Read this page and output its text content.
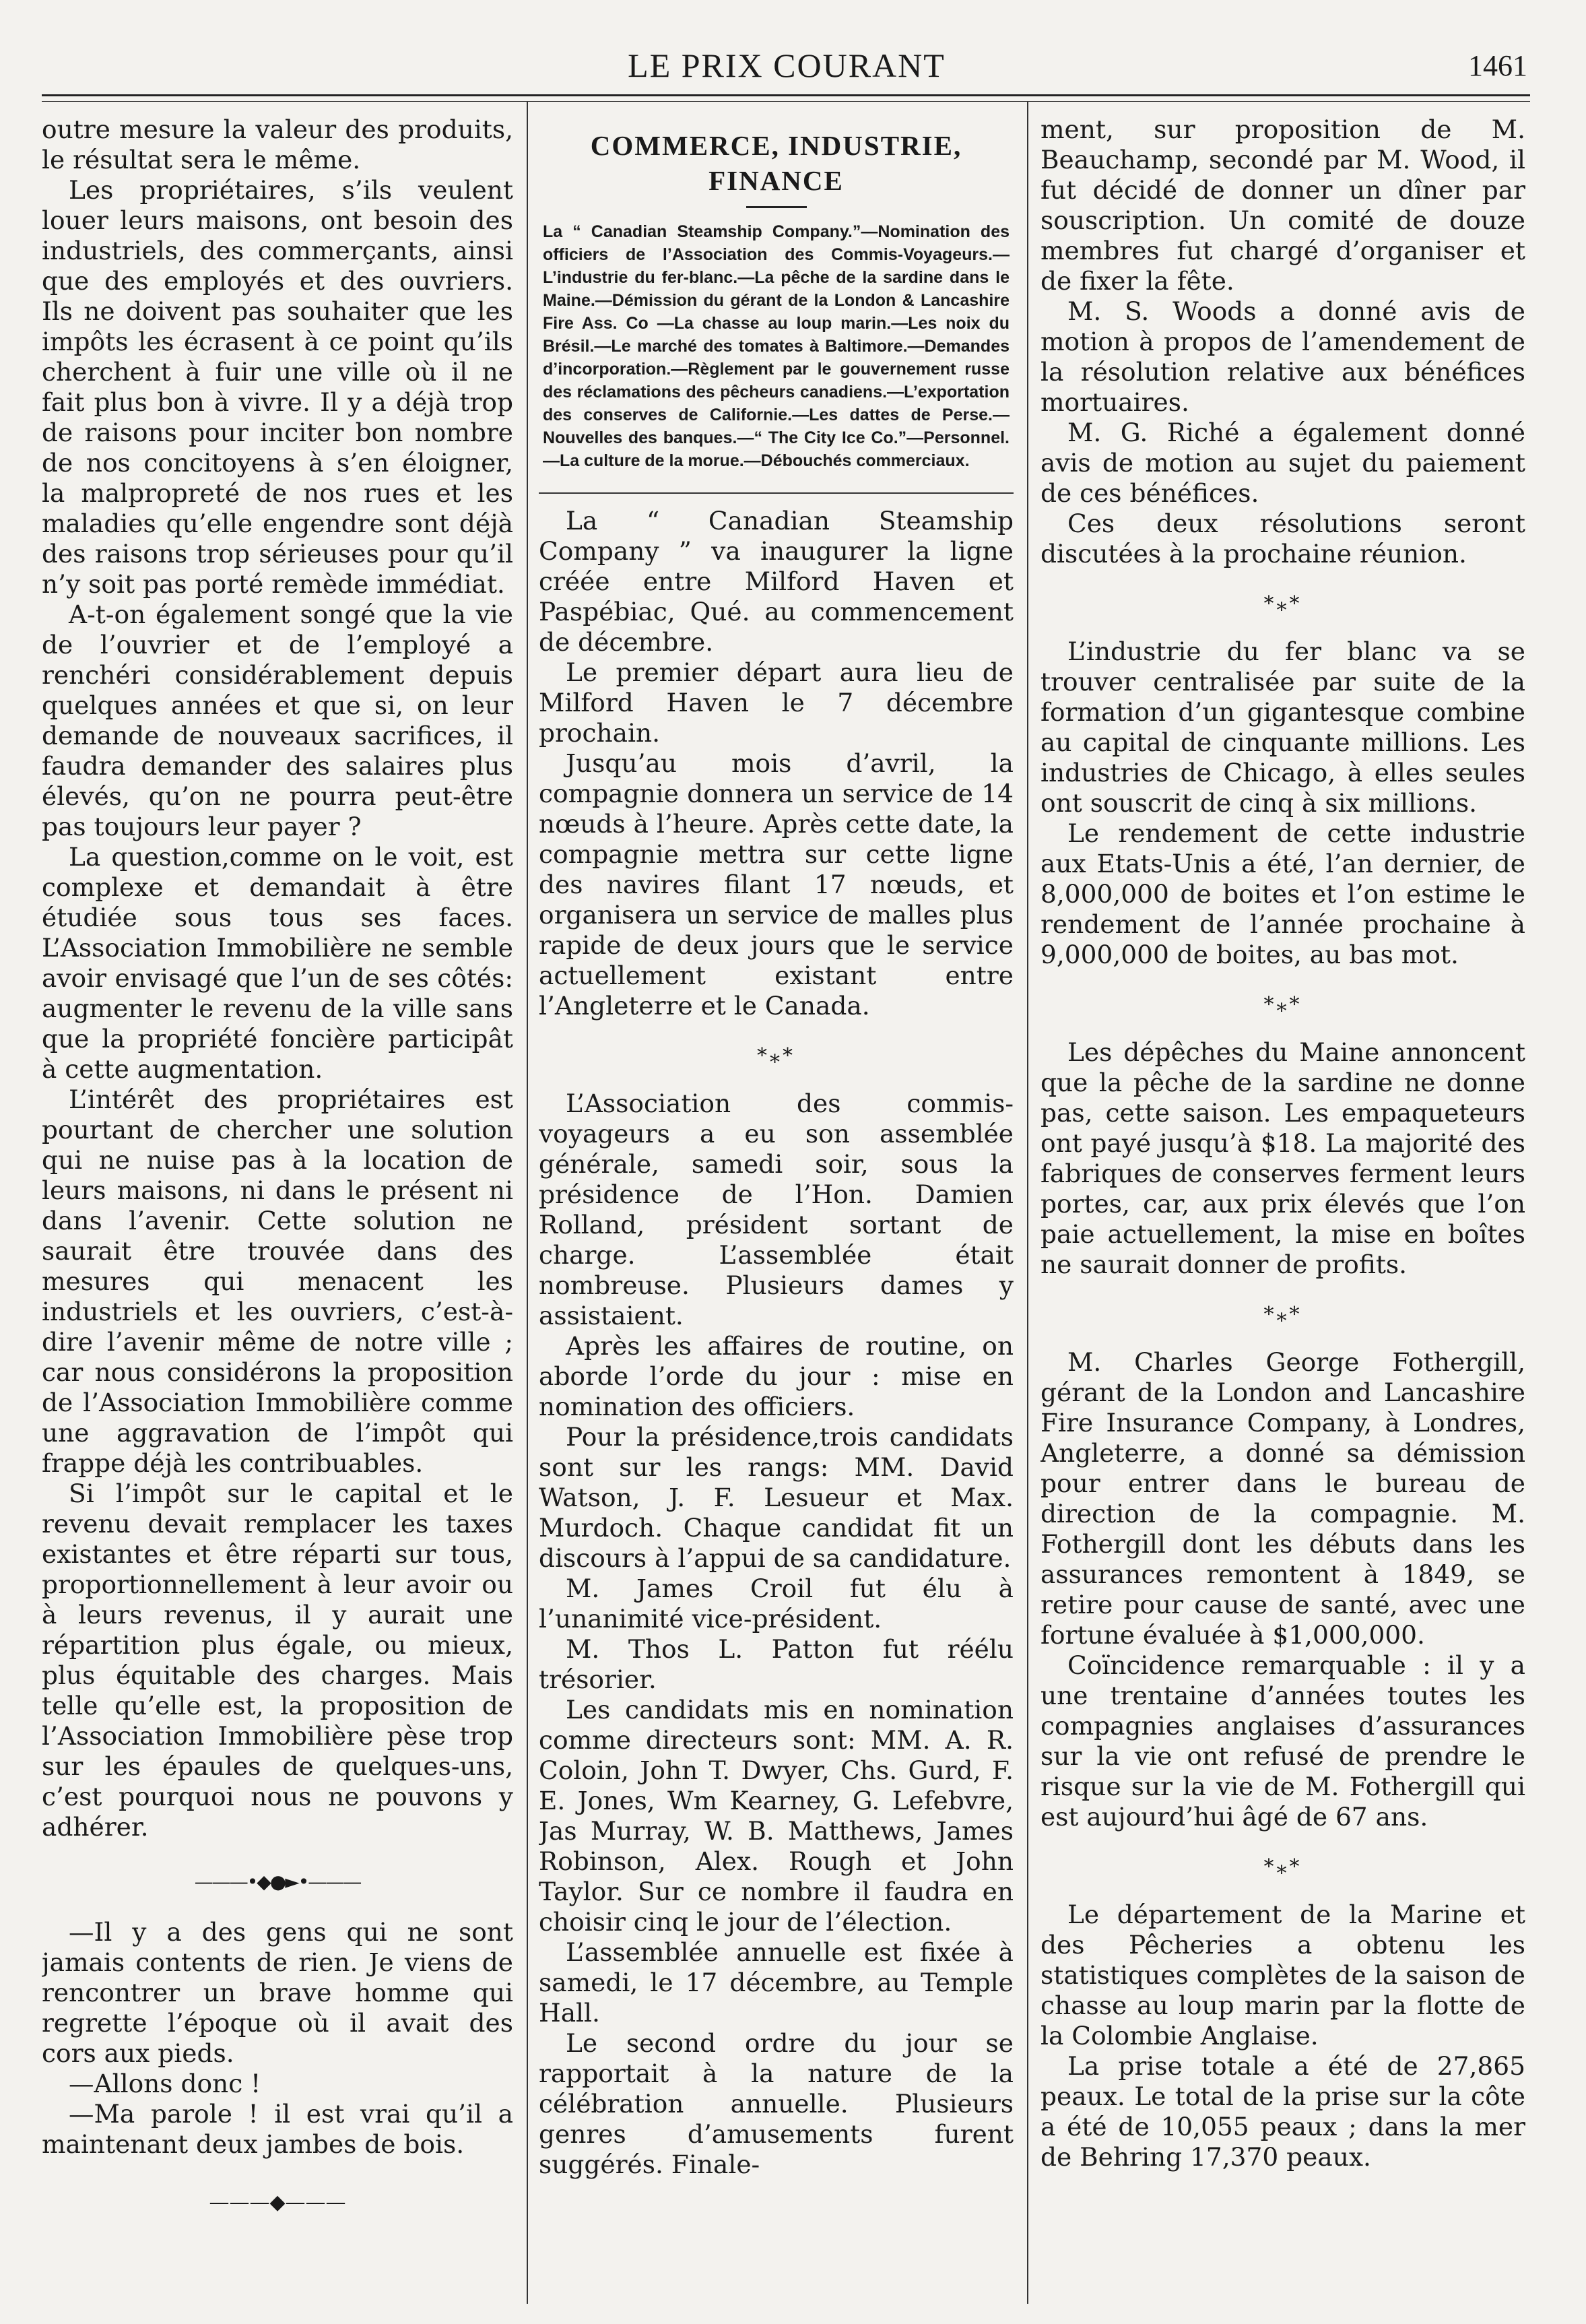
LE PRIX COURANT	1461

outre mesure la valeur des produits, le résultat sera le même.

Les propriétaires, s’ils veulent louer leurs maisons, ont besoin des industriels, des commerçants, ainsi que des employés et des ouvriers. Ils ne doivent pas souhaiter que les impôts les écrasent à ce point qu’ils cherchent à fuir une ville où il ne fait plus bon à vivre. Il y a déjà trop de raisons pour inciter bon nombre de nos concitoyens à s’en éloigner, la malpropreté de nos rues et les maladies qu’elle engendre sont déjà des raisons trop sérieuses pour qu’il n’y soit pas porté remède immédiat.

A-t-on également songé que la vie de l’ouvrier et de l’employé a renchéri considérablement depuis quelques années et que si, on leur demande de nouveaux sacrifices, il faudra demander des salaires plus élevés, qu’on ne pourra peut-être pas toujours leur payer ?

La question,comme on le voit, est complexe et demandait à être étudiée sous tous ses faces. L’Association Immobilière ne semble avoir envisagé que l’un de ses côtés: augmenter le revenu de la ville sans que la propriété foncière participât à cette augmentation.

L’intérêt des propriétaires est pourtant de chercher une solution qui ne nuise pas à la location de leurs maisons, ni dans le présent ni dans l’avenir. Cette solution ne saurait être trouvée dans des mesures qui menacent les industriels et les ouvriers, c’est-à-dire l’avenir même de notre ville ; car nous considérons la proposition de l’Association Immobilière comme une aggravation de l’impôt qui frappe déjà les contribuables.

Si l’impôt sur le capital et le revenu devait remplacer les taxes existantes et être réparti sur tous, proportionnellement à leur avoir ou à leurs revenus, il y aurait une répartition plus égale, ou mieux, plus équitable des charges. Mais telle qu’elle est, la proposition de l’Association Immobilière pèse trop sur les épaules de quelques-uns, c’est pourquoi nous ne pouvons y adhérer.

———•◆●►•———

—Il y a des gens qui ne sont jamais contents de rien. Je viens de rencontrer un brave homme qui regrette l’époque où il avait des cors aux pieds.

—Allons donc !

—Ma parole ! il est vrai qu’il a maintenant deux jambes de bois.

———◆———
COMMERCE, INDUSTRIE,
FINANCE
La “ Canadian Steamship Company.”—Nomination des officiers de l’Association des Commis-Voyageurs.—L’industrie du fer-blanc.—La pêche de la sardine dans le Maine.—Démission du gérant de la London & Lancashire Fire Ass. Co —La chasse au loup marin.—Les noix du Brésil.—Le marché des tomates à Baltimore.—Demandes d’incorporation.—Règlement par le gouvernement russe des réclamations des pêcheurs canadiens.—L’exportation des conserves de Californie.—Les dattes de Perse.—Nouvelles des banques.—“ The City Ice Co.”—Personnel.—La culture de la morue.—Débouchés commerciaux.

La “ Canadian Steamship Company ” va inaugurer la ligne créée entre Milford Haven et Paspébiac, Qué. au commencement de décembre.

Le premier départ aura lieu de Milford Haven le 7 décembre prochain.

Jusqu’au mois d’avril, la compagnie donnera un service de 14 nœuds à l’heure. Après cette date, la compagnie mettra sur cette ligne des navires filant 17 nœuds, et organisera un service de malles plus rapide de deux jours que le service actuellement existant entre l’Angleterre et le Canada.

*⁎*

L’Association des commis-voyageurs a eu son assemblée générale, samedi soir, sous la présidence de l’Hon. Damien Rolland, président sortant de charge. L’assemblée était nombreuse. Plusieurs dames y assistaient.

Après les affaires de routine, on aborde l’orde du jour : mise en nomination des officiers.

Pour la présidence,trois candidats sont sur les rangs: MM. David Watson, J. F. Lesueur et Max. Murdoch. Chaque candidat fit un discours à l’appui de sa candidature.

M. James Croil fut élu à l’unanimité vice-président.

M. Thos L. Patton fut réélu trésorier.

Les candidats mis en nomination comme directeurs sont: MM. A. R. Coloin, John T. Dwyer, Chs. Gurd, F. E. Jones, Wm Kearney, G. Lefebvre, Jas Murray, W. B. Matthews, James Robinson, Alex. Rough et John Taylor. Sur ce nombre il faudra en choisir cinq le jour de l’élection.

L’assemblée annuelle est fixée à samedi, le 17 décembre, au Temple Hall.

Le second ordre du jour se rapportait à la nature de la célébration annuelle. Plusieurs genres d’amusements furent suggérés. Finale-

ment, sur proposition de M. Beauchamp, secondé par M. Wood, il fut décidé de donner un dîner par souscription. Un comité de douze membres fut chargé d’organiser et de fixer la fête.

M. S. Woods a donné avis de motion à propos de l’amendement de la résolution relative aux bénéfices mortuaires.

M. G. Riché a également donné avis de motion au sujet du paiement de ces bénéfices.

Ces deux résolutions seront discutées à la prochaine réunion.

*⁎*

L’industrie du fer blanc va se trouver centralisée par suite de la formation d’un gigantesque combine au capital de cinquante millions. Les industries de Chicago, à elles seules ont souscrit de cinq à six millions.

Le rendement de cette industrie aux Etats-Unis a été, l’an dernier, de 8,000,000 de boites et l’on estime le rendement de l’année prochaine à 9,000,000 de boites, au bas mot.

*⁎*

Les dépêches du Maine annoncent que la pêche de la sardine ne donne pas, cette saison. Les empaqueteurs ont payé jusqu’à $18. La majorité des fabriques de conserves ferment leurs portes, car, aux prix élevés que l’on paie actuellement, la mise en boîtes ne saurait donner de profits.

*⁎*

M. Charles George Fothergill, gérant de la London and Lancashire Fire Insurance Company, à Londres, Angleterre, a donné sa démission pour entrer dans le bureau de direction de la compagnie. M. Fothergill dont les débuts dans les assurances remontent à 1849, se retire pour cause de santé, avec une fortune évaluée à $1,000,000.

Coïncidence remarquable : il y a une trentaine d’années toutes les compagnies anglaises d’assurances sur la vie ont refusé de prendre le risque sur la vie de M. Fothergill qui est aujourd’hui âgé de 67 ans.

*⁎*

Le département de la Marine et des Pêcheries a obtenu les statistiques complètes de la saison de chasse au loup marin par la flotte de la Colombie Anglaise.

La prise totale a été de 27,865 peaux. Le total de la prise sur la côte a été de 10,055 peaux ; dans la mer de Behring 17,370 peaux.
